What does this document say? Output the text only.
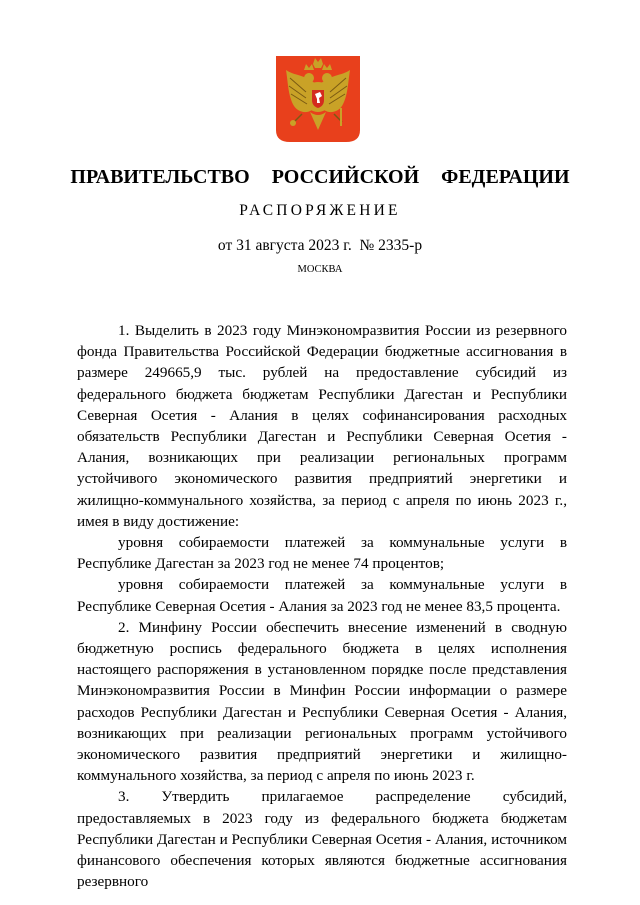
ПРАВИТЕЛЬСТВО  РОССИЙСКОЙ  ФЕДЕРАЦИИ
РАСПОРЯЖЕНИЕ
от 31 августа 2023 г.  № 2335-р
МОСКВА

1. Выделить в 2023 году Минэкономразвития России из резервного фонда Правительства Российской Федерации бюджетные ассигнования в размере 249665,9 тыс. рублей на предоставление субсидий из федерального бюджета бюджетам Республики Дагестан и Республики Северная Осетия - Алания в целях софинансирования расходных обязательств Республики Дагестан и Республики Северная Осетия - Алания, возникающих при реализации региональных программ устойчивого экономического развития предприятий энергетики и жилищно-коммунального хозяйства, за период с апреля по июнь 2023 г., имея в виду достижение:

уровня собираемости платежей за коммунальные услуги в Республике Дагестан за 2023 год не менее 74 процентов;

уровня собираемости платежей за коммунальные услуги в Республике Северная Осетия - Алания за 2023 год не менее 83,5 процента.

2. Минфину России обеспечить внесение изменений в сводную бюджетную роспись федерального бюджета в целях исполнения настоящего распоряжения в установленном порядке после представления Минэкономразвития России в Минфин России информации о размере расходов Республики Дагестан и Республики Северная Осетия - Алания, возникающих при реализации региональных программ устойчивого экономического развития предприятий энергетики и жилищно-коммунального хозяйства, за период с апреля по июнь 2023 г.

3. Утвердить прилагаемое распределение субсидий, предоставляемых в 2023 году из федерального бюджета бюджетам Республики Дагестан и Республики Северная Осетия - Алания, источником финансового обеспечения которых являются бюджетные ассигнования резервного
